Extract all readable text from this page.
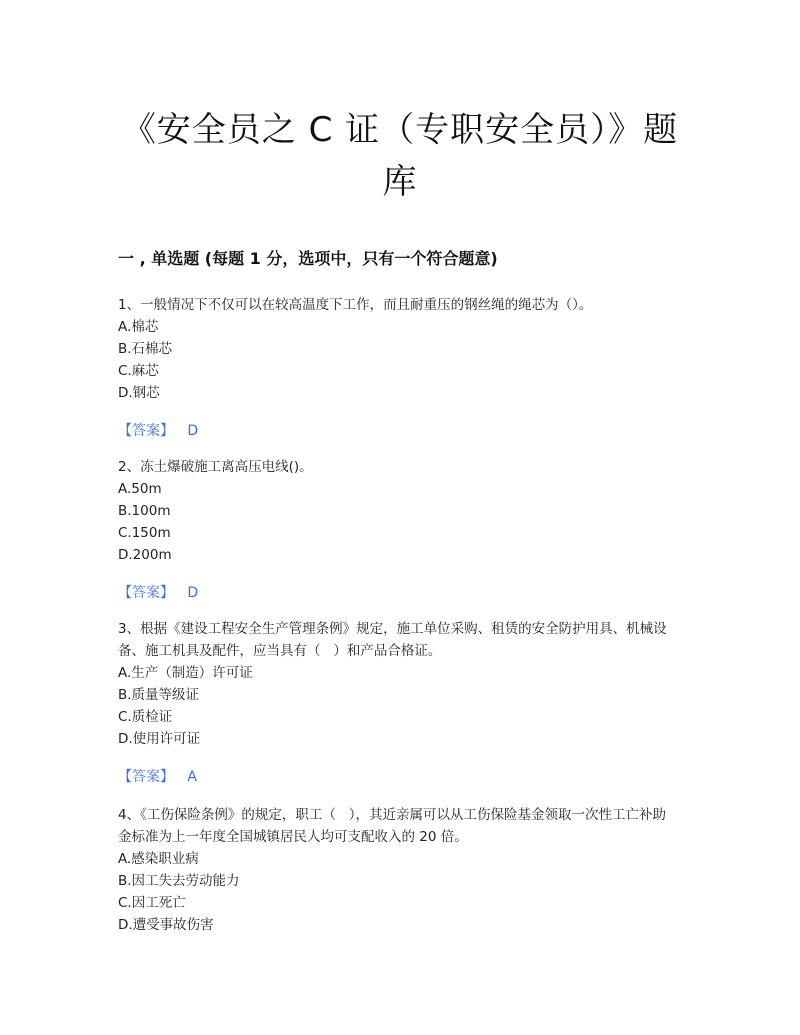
《安全员之 C 证（专职安全员）》题
库
一 , 单选题 (每题 1 分，选项中，只有一个符合题意)
1、一般情况下不仅可以在较高温度下工作，而且耐重压的钢丝绳的绳芯为（）。
A.棉芯
B.石棉芯
C.麻芯
D.钢芯
【答案】 D
2、冻土爆破施工离高压电线()。
A.50m
B.100m
C.150m
D.200m
【答案】 D
3、根据《建设工程安全生产管理条例》规定，施工单位采购、租赁的安全防护用具、机械设备、施工机具及配件，应当具有（   ）和产品合格证。
A.生产（制造）许可证
B.质量等级证
C.质检证
D.使用许可证
【答案】 A
4、《工伤保险条例》的规定，职工（   ），其近亲属可以从工伤保险基金领取一次性工亡补助金标准为上一年度全国城镇居民人均可支配收入的 20 倍。
A.感染职业病
B.因工失去劳动能力
C.因工死亡
D.遭受事故伤害
